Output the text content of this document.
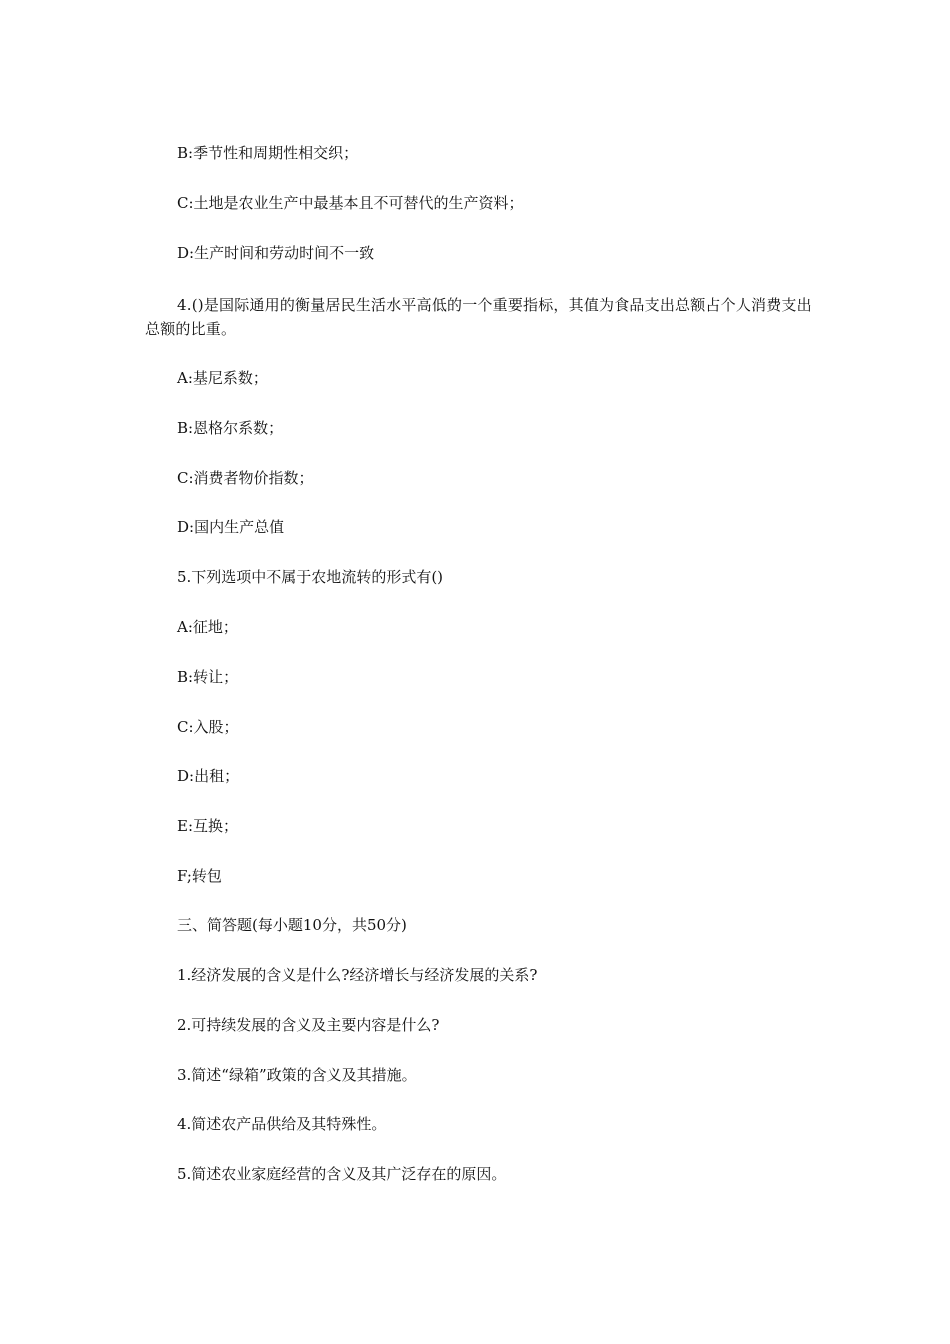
B:季节性和周期性相交织；
C:土地是农业生产中最基本且不可替代的生产资料；
D:生产时间和劳动时间不一致
4.()是国际通用的衡量居民生活水平高低的一个重要指标，其值为食品支出总额占个人消费支出总额的比重。
A:基尼系数；
B:恩格尔系数；
C:消费者物价指数；
D:国内生产总值
5.下列选项中不属于农地流转的形式有()
A:征地；
B:转让；
C:入股；
D:出租；
E:互换；
F;转包
三、简答题(每小题10分，共50分)
1.经济发展的含义是什么?经济增长与经济发展的关系?
2.可持续发展的含义及主要内容是什么?
3.简述“绿箱”政策的含义及其措施。
4.简述农产品供给及其特殊性。
5.简述农业家庭经营的含义及其广泛存在的原因。
